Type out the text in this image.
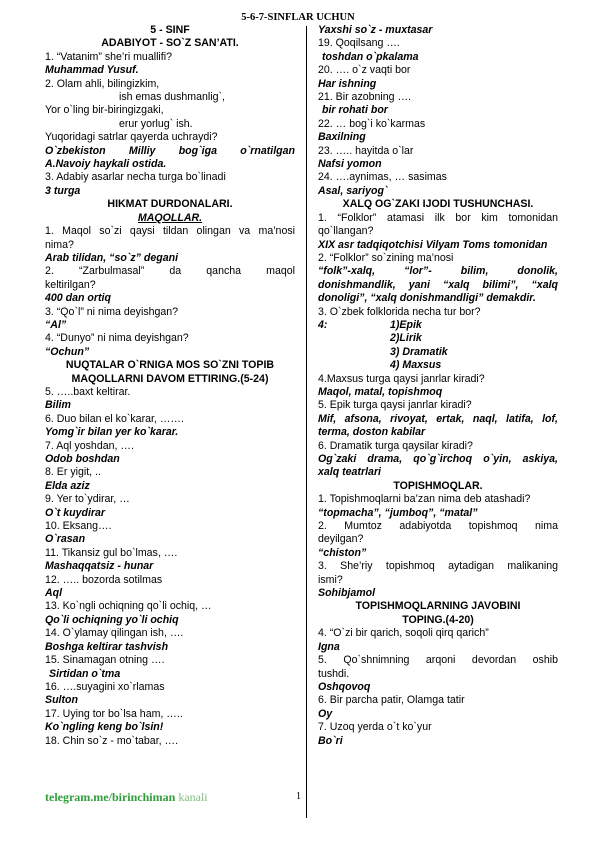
5-6-7-SINFLAR UCHUN

5 - SINF

ADABIYOT - SO`Z SAN’ATI.

1. “Vatanim” she’ri muallifi?

Muhammad Yusuf.

2. Olam ahli, bilingizkim,

ish emas dushmanlig`,

Yor o`ling bir-biringizgaki,

erur yorlug` ish.

Yuqoridagi satrlar qayerda uchraydi?

O`zbekiston Milliy bog`iga o`rnatilgan

A.Navoiy haykali ostida.

3. Adabiy asarlar necha turga bo`linadi

3 turga

HIKMAT DURDONALARI.

MAQOLLAR.

1. Maqol so`zi qaysi tildan olingan va ma’nosi

nima?

Arab tilidan, “so`z” degani

2. “Zarbulmasal” da qancha maqol

keltirilgan?

400 dan ortiq

3. “Qo`l” ni nima deyishgan?

“Al”

4. “Dunyo” ni nima deyishgan?

“Ochun”

NUQTALAR O`RNIGA MOS SO`ZNI TOPIB

MAQOLLARNI DAVOM ETTIRING.(5-24)

5. …..baxt keltirar.

Bilim

6. Duo bilan el ko`karar, …….

Yomg`ir bilan yer ko`karar.

7. Aql yoshdan, ….

Odob boshdan

8. Er yigit, ..

Elda aziz

9. Yer to`ydirar, …

O`t kuydirar

10. Eksang….

O`rasan

11. Tikansiz gul bo`lmas, ….

Mashaqqatsiz - hunar

12. ….. bozorda sotilmas

Aql

13. Ko`ngli ochiqning qo`li ochiq, …

Qo`li ochiqning yo`li ochiq

14. O`ylamay qilingan ish, ….

Boshga keltirar tashvish

15. Sinamagan otning ….

Sirtidan o`tma

16. ….suyagini xo`rlamas

Sulton

17. Uying tor bo`lsa ham, …..

Ko`ngling keng bo`lsin!

18. Chin so`z - mo`tabar, ….

Yaxshi so`z - muxtasar

19. Qoqilsang ….

toshdan o`pkalama

20. …. o`z vaqti bor

Har ishning

21. Bir azobning ….

bir rohati bor

22. … bog`i ko`karmas

Baxilning

23. ….. hayitda o`lar

Nafsi yomon

24. ….aynimas, … sasimas

Asal, sariyog`

XALQ OG`ZAKI IJODI TUSHUNCHASI.

1. “Folklor” atamasi ilk bor kim tomonidan

qo`llangan?

XIX asr tadqiqotchisi Vilyam Toms tomonidan

2. “Folklor” so`zining ma’nosi

“folk”-xalq, “lor”- bilim, donolik,

donishmandlik, yani “xalq bilimi”, “xalq

donoligi”, “xalq donishmandligi” demakdir.

3. O`zbek folklorida necha tur bor?

4:	1)Epik

2)Lirik

3) Dramatik

4) Maxsus

4.Maxsus turga qaysi janrlar kiradi?

Maqol, matal, topishmoq

5. Epik turga qaysi janrlar kiradi?

Mif, afsona, rivoyat, ertak, naql, latifa, lof,

terma, doston kabilar

6. Dramatik turga qaysilar kiradi?

Og`zaki drama, qo`g`irchoq o`yin, askiya,

xalq teatrlari

TOPISHMOQLAR.

1. Topishmoqlarni ba’zan nima deb atashadi?

“topmacha”, “jumboq”, “matal”

2. Mumtoz adabiyotda topishmoq nima

deyilgan?

“chiston”

3. She’riy topishmoq aytadigan malikaning

ismi?

Sohibjamol

TOPISHMOQLARNING JAVOBINI

TOPING.(4-20)

4. “O`zi bir qarich, soqoli qirq qarich”

Igna

5. Qo`shnimning arqoni devordan oshib

tushdi.

Oshqovoq

6. Bir parcha patir, Olamga tatir

Oy

7. Uzoq yerda o`t ko`yur

Bo`ri

telegram.me/birinchiman kanali	1
